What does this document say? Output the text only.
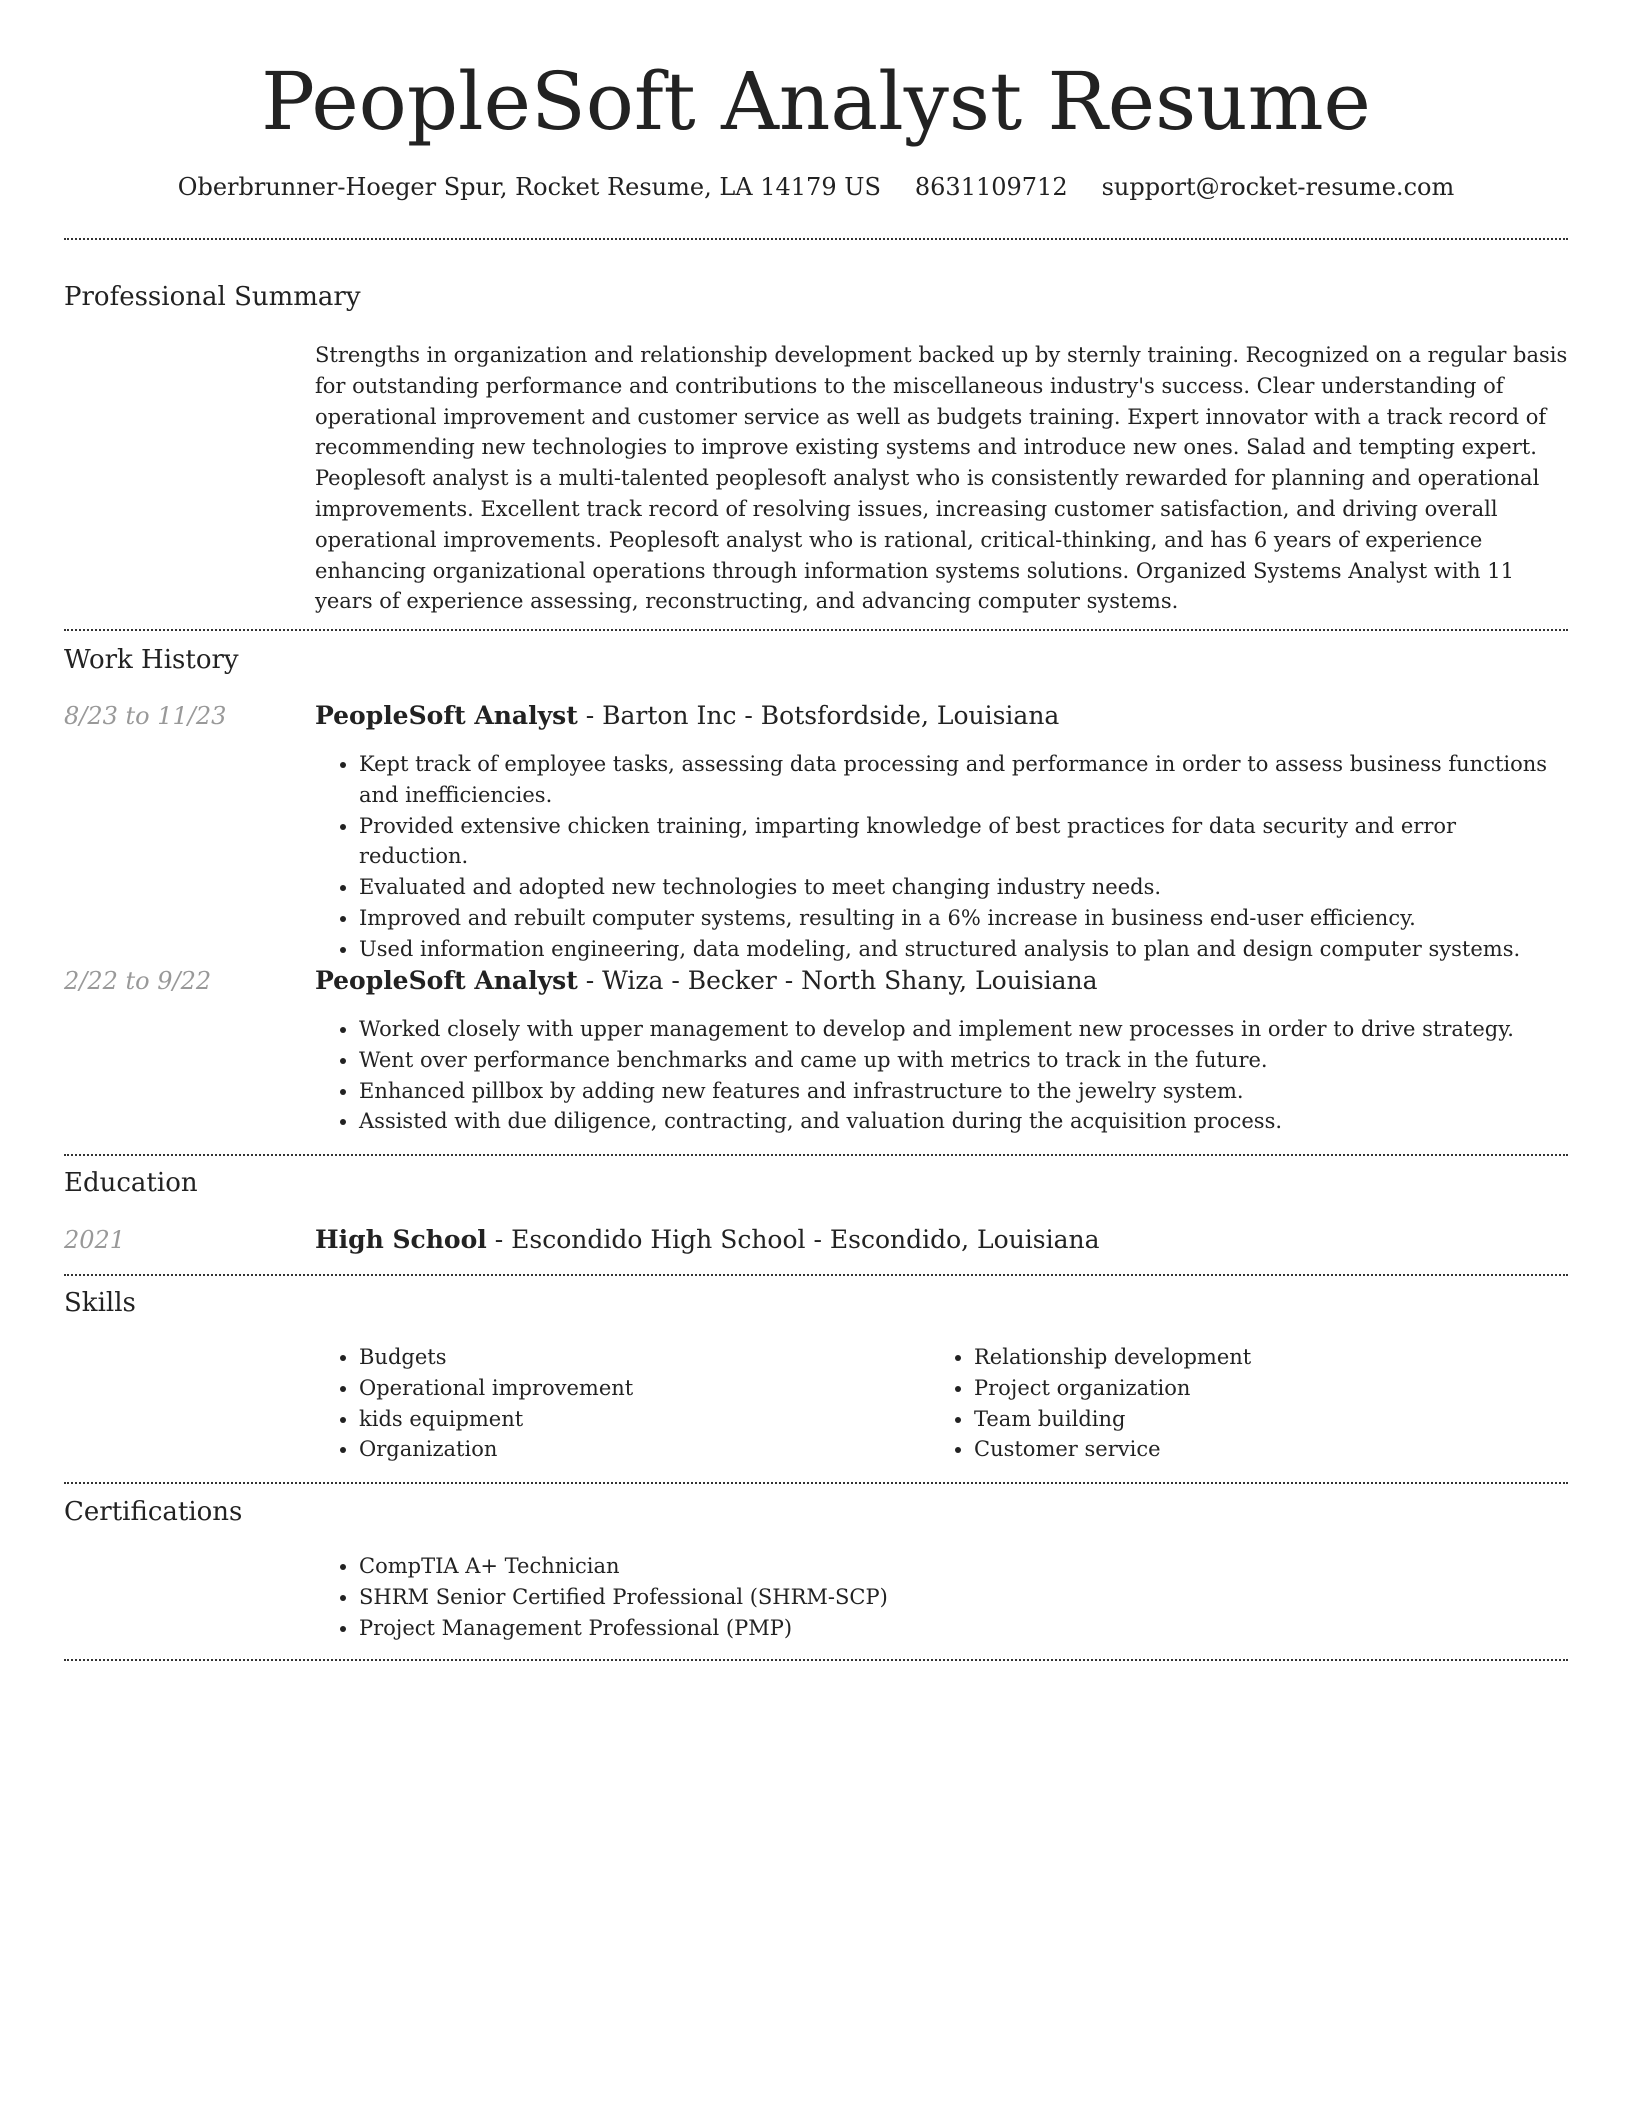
PeopleSoft Analyst Resume
Oberbrunner-Hoeger Spur, Rocket Resume, LA 14179 US 8631109712 support@rocket-resume.com
Professional Summary

Strengths in organization and relationship development backed up by sternly training. Recognized on a regular basis for outstanding performance and contributions to the miscellaneous industry's success. Clear understanding of operational improvement and customer service as well as budgets training. Expert innovator with a track record of recommending new technologies to improve existing systems and introduce new ones. Salad and tempting expert. Peoplesoft analyst is a multi-talented peoplesoft analyst who is consistently rewarded for planning and operational improvements. Excellent track record of resolving issues, increasing customer satisfaction, and driving overall operational improvements. Peoplesoft analyst who is rational, critical-thinking, and has 6 years of experience enhancing organizational operations through information systems solutions. Organized Systems Analyst with 11 years of experience assessing, reconstructing, and advancing computer systems.

Work History
8/23 to 11/23	PeopleSoft Analyst - Barton Inc - Botsfordside, Louisiana
• Kept track of employee tasks, assessing data processing and performance in order to assess business functions and inefficiencies.
• Provided extensive chicken training, imparting knowledge of best practices for data security and error reduction.
• Evaluated and adopted new technologies to meet changing industry needs.
• Improved and rebuilt computer systems, resulting in a 6% increase in business end-user efficiency.
• Used information engineering, data modeling, and structured analysis to plan and design computer systems.
2/22 to 9/22	PeopleSoft Analyst - Wiza - Becker - North Shany, Louisiana
• Worked closely with upper management to develop and implement new processes in order to drive strategy.
• Went over performance benchmarks and came up with metrics to track in the future.
• Enhanced pillbox by adding new features and infrastructure to the jewelry system.
• Assisted with due diligence, contracting, and valuation during the acquisition process.
Education
2021	High School - Escondido High School - Escondido, Louisiana
Skills
• Budgets
• Operational improvement
• kids equipment
• Organization
• Relationship development
• Project organization
• Team building
• Customer service
Certifications
• CompTIA A+ Technician
• SHRM Senior Certified Professional (SHRM-SCP)
• Project Management Professional (PMP)
